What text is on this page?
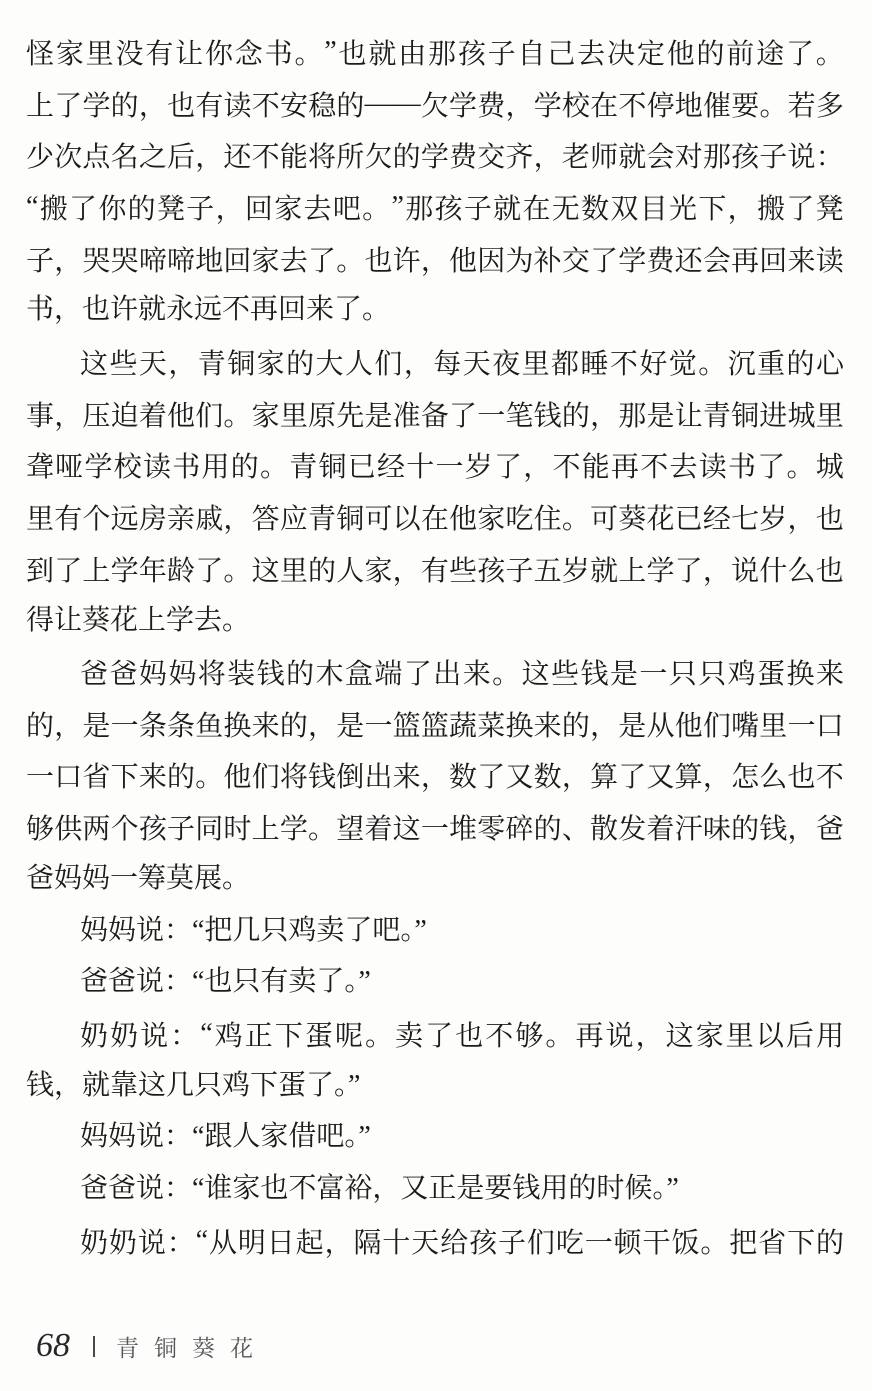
怪 家 里 没 有 让 你 念 书 。 ” 也 就 由 那 孩 子 自 己 去 决 定 他 的 前 途 了 。
上 了 学 的 ， 也 有 读 不 安 稳 的 —— 欠 学 费 ， 学 校 在 不 停 地 催 要 。 若 多
少 次 点 名 之 后 ， 还 不 能 将 所 欠 的 学 费 交 齐 ， 老 师 就 会 对 那 孩 子 说 ：
“ 搬 了 你 的 凳 子 ， 回 家 去 吧 。 ” 那 孩 子 就 在 无 数 双 目 光 下 ， 搬 了 凳
子 ， 哭 哭 啼 啼 地 回 家 去 了 。 也 许 ， 他 因 为 补 交 了 学 费 还 会 再 回 来 读
书，也许就永远不再回来了。
这 些 天 ， 青 铜 家 的 大 人 们 ， 每 天 夜 里 都 睡 不 好 觉 。 沉 重 的 心
事 ， 压 迫 着 他 们 。 家 里 原 先 是 准 备 了 一 笔 钱 的 ， 那 是 让 青 铜 进 城 里
聋 哑 学 校 读 书 用 的 。 青 铜 已 经 十 一 岁 了 ， 不 能 再 不 去 读 书 了 。 城
里 有 个 远 房 亲 戚 ， 答 应 青 铜 可 以 在 他 家 吃 住 。 可 葵 花 已 经 七 岁 ， 也
到 了 上 学 年 龄 了 。 这 里 的 人 家 ， 有 些 孩 子 五 岁 就 上 学 了 ， 说 什 么 也
得让葵花上学去。
爸 爸 妈 妈 将 装 钱 的 木 盒 端 了 出 来 。 这 些 钱 是 一 只 只 鸡 蛋 换 来
的 ， 是 一 条 条 鱼 换 来 的 ， 是 一 篮 篮 蔬 菜 换 来 的 ， 是 从 他 们 嘴 里 一 口
一 口 省 下 来 的 。 他 们 将 钱 倒 出 来 ， 数 了 又 数 ， 算 了 又 算 ， 怎 么 也 不
够 供 两 个 孩 子 同 时 上 学 。 望 着 这 一 堆 零 碎 的 、 散 发 着 汗 味 的 钱 ， 爸
爸妈妈一筹莫展。
妈妈说：“把几只鸡卖了吧。”
爸爸说：“也只有卖了。”
奶 奶 说 ： “ 鸡 正 下 蛋 呢 。 卖 了 也 不 够 。 再 说 ， 这 家 里 以 后 用
钱，就靠这几只鸡下蛋了。”
妈妈说：“跟人家借吧。”
爸爸说：“谁家也不富裕，又正是要钱用的时候。”
奶 奶 说 ： “ 从 明 日 起 ， 隔 十 天 给 孩 子 们 吃 一 顿 干 饭 。 把 省 下 的
68 青铜葵花
